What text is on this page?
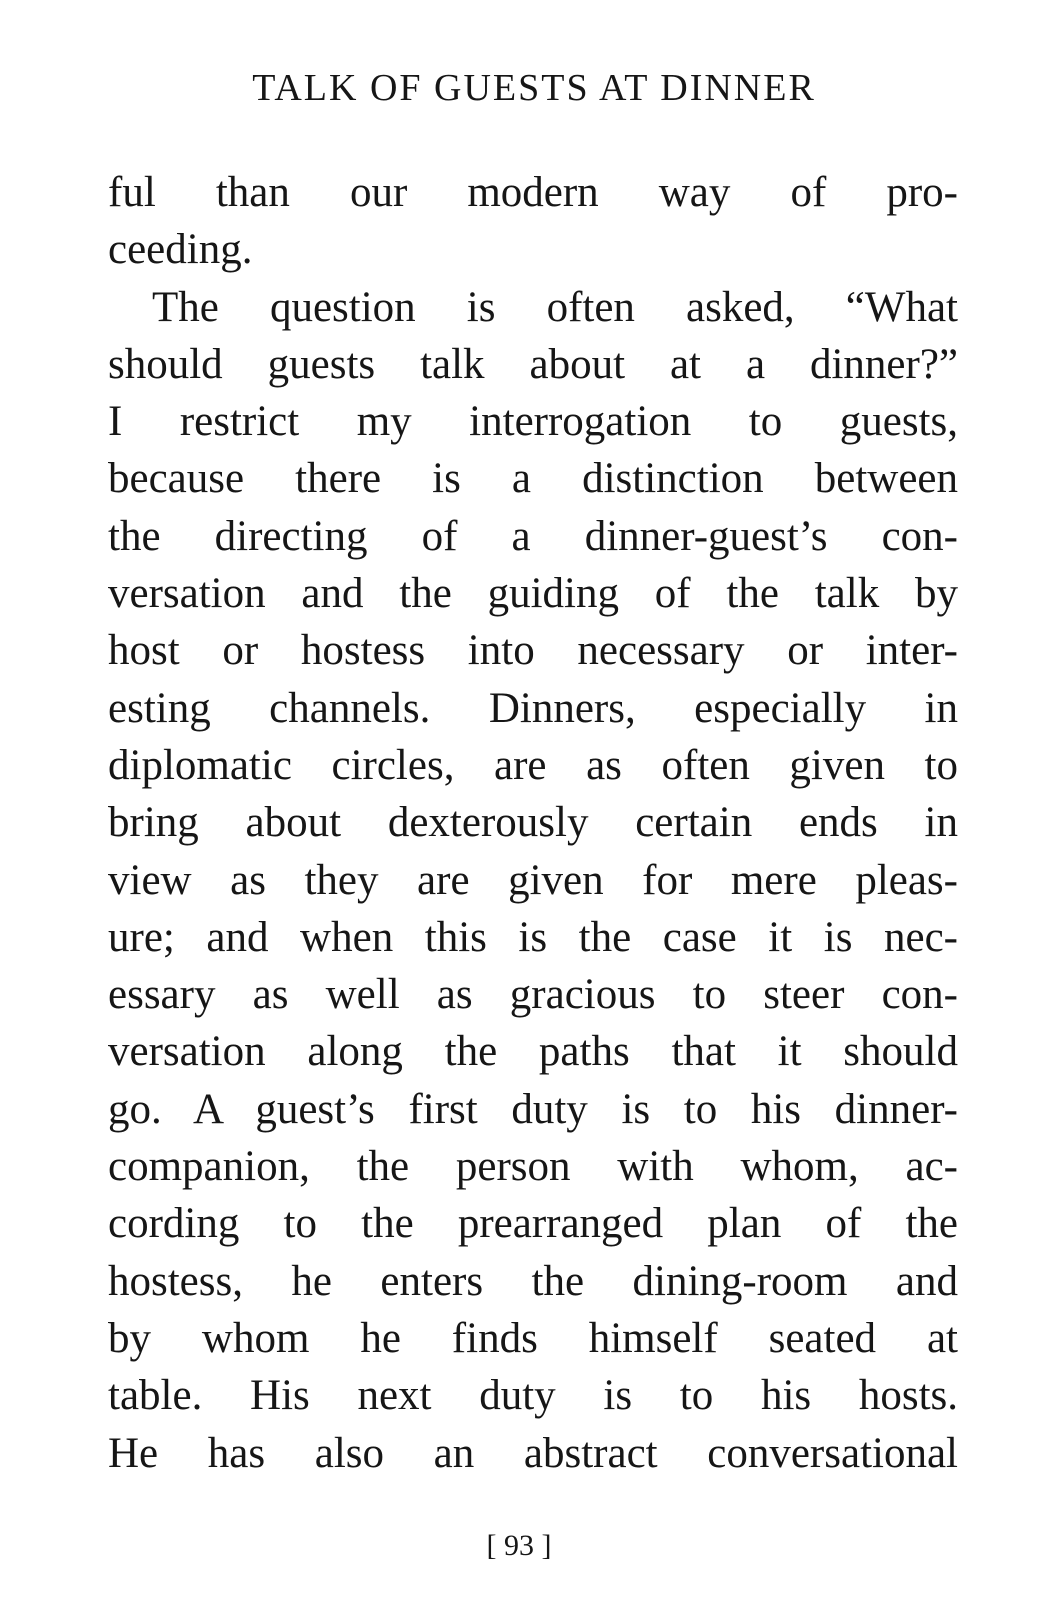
TALK OF GUESTS AT DINNER
ful than our modern way of pro-
ceeding.
The question is often asked, “What
should guests talk about at a dinner?”
I restrict my interrogation to guests,
because there is a distinction between
the directing of a dinner-guest’s con-
versation and the guiding of the talk by
host or hostess into necessary or inter-
esting channels. Dinners, especially in
diplomatic circles, are as often given to
bring about dexterously certain ends in
view as they are given for mere pleas-
ure; and when this is the case it is nec-
essary as well as gracious to steer con-
versation along the paths that it should
go. A guest’s first duty is to his dinner-
companion, the person with whom, ac-
cording to the prearranged plan of the
hostess, he enters the dining-room and
by whom he finds himself seated at
table. His next duty is to his hosts.
He has also an abstract conversational
[ 93 ]
